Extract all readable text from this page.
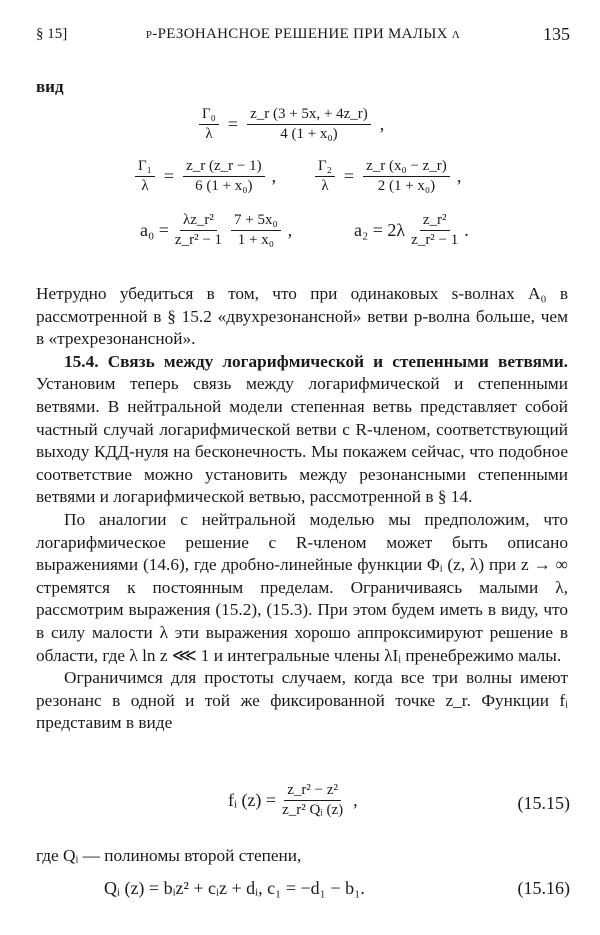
§ 15]	p-РЕЗОНАНСНОЕ РЕШЕНИЕ ПРИ МАЛЫХ λ	135
вид
$\frac{\text{Γ₀}}{\lambda} = \frac{z\_r (3 + 5x, + 4z\_r)}{\text{4 (1 + x₀)}}$ ,
$\frac{\text{Γ₁}}{\lambda} = \frac{z\_r (z\_r - 1)}{\text{6 (1 + x₀)}}$ ,	$\frac{\text{Γ₂}}{\lambda} = \frac{\text{z\_r (x₀ − z\_r)}}{\text{2 (1 + x₀)}}$ ,
$a_0 = \frac{\text{λz\_r²}}{\text{z\_r² − 1}} \frac{\text{7 + 5x₀}}{\text{1 + x₀}}$ ,	$a_2 = 2\lambda \frac{\text{z\_r²}}{\text{z\_r² − 1}}$ .

Нетрудно убедиться в том, что при одинаковых s-волнах A₀ в рассмотренной в § 15.2 «двухрезонансной» ветви p-волна больше, чем в «трехрезонансной».

15.4. Связь между логарифмической и степенными ветвями. Установим теперь связь между логарифмической и степенными ветвями. В нейтральной модели степенная ветвь представляет собой частный случай логарифмической ветви с R-членом, соответствующий выходу КДД-нуля на бесконечность. Мы покажем сейчас, что подобное соответствие можно установить между резонансными степенными ветвями и логарифмической ветвью, рассмотренной в § 14.

По аналогии с нейтральной моделью мы предположим, что логарифмическое решение с R-членом может быть описано выражениями (14.6), где дробно-линейные функции Φᵢ (z, λ) при z → ∞ стремятся к постоянным пределам. Ограничиваясь малыми λ, рассмотрим выражения (15.2), (15.3). При этом будем иметь в виду, что в силу малости λ эти выражения хорошо аппроксимируют решение в области, где λ ln z ⋘ 1 и интегральные члены λIᵢ пренебрежимо малы.

Ограничимся для простоты случаем, когда все три волны имеют резонанс в одной и той же фиксированной точке z_r. Функции fᵢ представим в виде

fᵢ $(z) = \frac{\text{z\_r² − z²}}{\text{z\_r² Qᵢ (z)}}$ ,	(15.15)

где Qᵢ — полиномы второй степени,

Qᵢ (z) = bᵢz² + cᵢz + dᵢ, c₁ = −d₁ − b₁.	(15.16)
